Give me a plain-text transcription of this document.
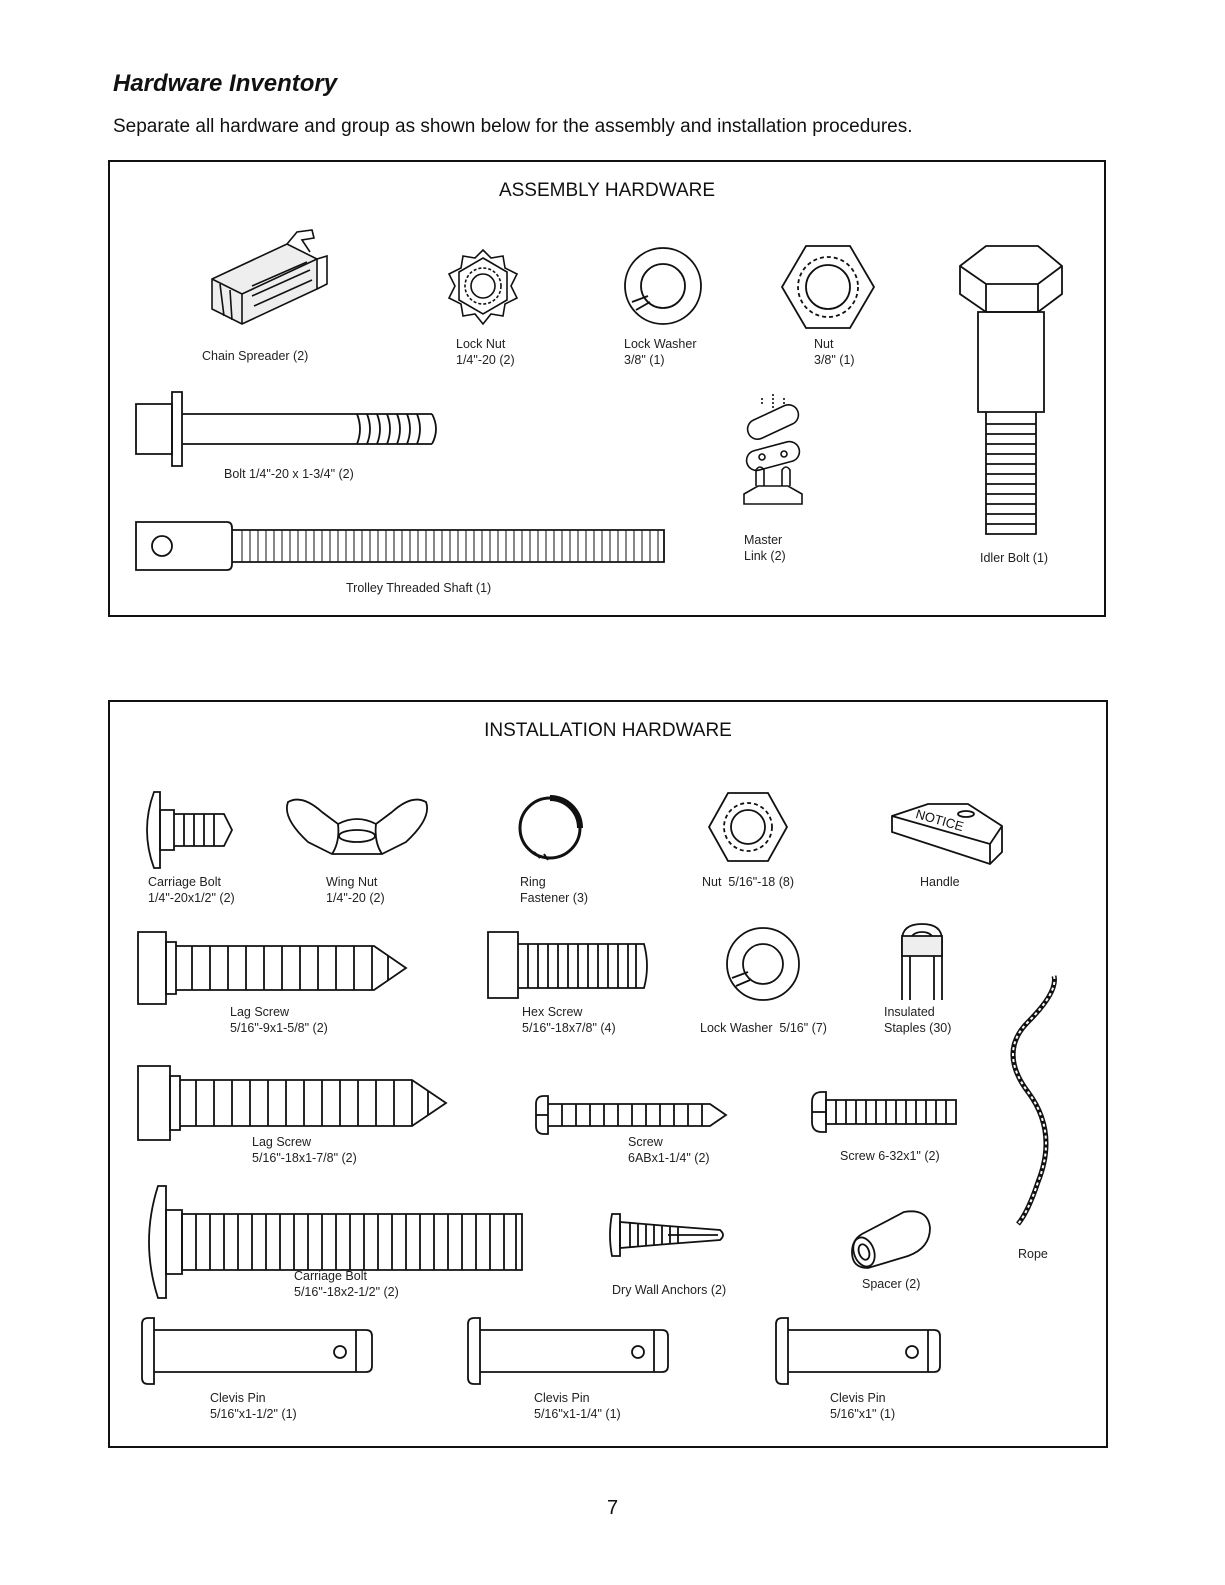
Hardware Inventory
Separate all hardware and group as shown below for the assembly and installation procedures.
ASSEMBLY HARDWARE
Chain Spreader (2)
Lock Nut
1/4"-20 (2)
Lock Washer
3/8" (1)
Nut
3/8" (1)
Idler Bolt (1)
Bolt 1/4"-20 x 1-3/4" (2)
Master
Link (2)
Trolley Threaded Shaft (1)
INSTALLATION HARDWARE
Carriage Bolt
1/4"-20x1/2" (2)
Wing Nut
1/4"-20 (2)
Ring
Fastener (3)
Nut  5/16"-18 (8)
NOTICE
Handle
Lag Screw
5/16"-9x1-5/8" (2)
Hex Screw
5/16"-18x7/8" (4)	Lock Washer  5/16" (7)
Insulated
Staples (30)
Rope
Lag Screw
5/16"-18x1-7/8" (2)
Screw
6ABx1-1/4" (2)	Screw 6-32x1" (2)
Carriage Bolt
5/16"-18x2-1/2" (2)	Dry Wall Anchors (2)	Spacer (2)
Clevis Pin
5/16"x1-1/2" (1)
Clevis Pin
5/16"x1-1/4" (1)
Clevis Pin
5/16"x1" (1)
7
